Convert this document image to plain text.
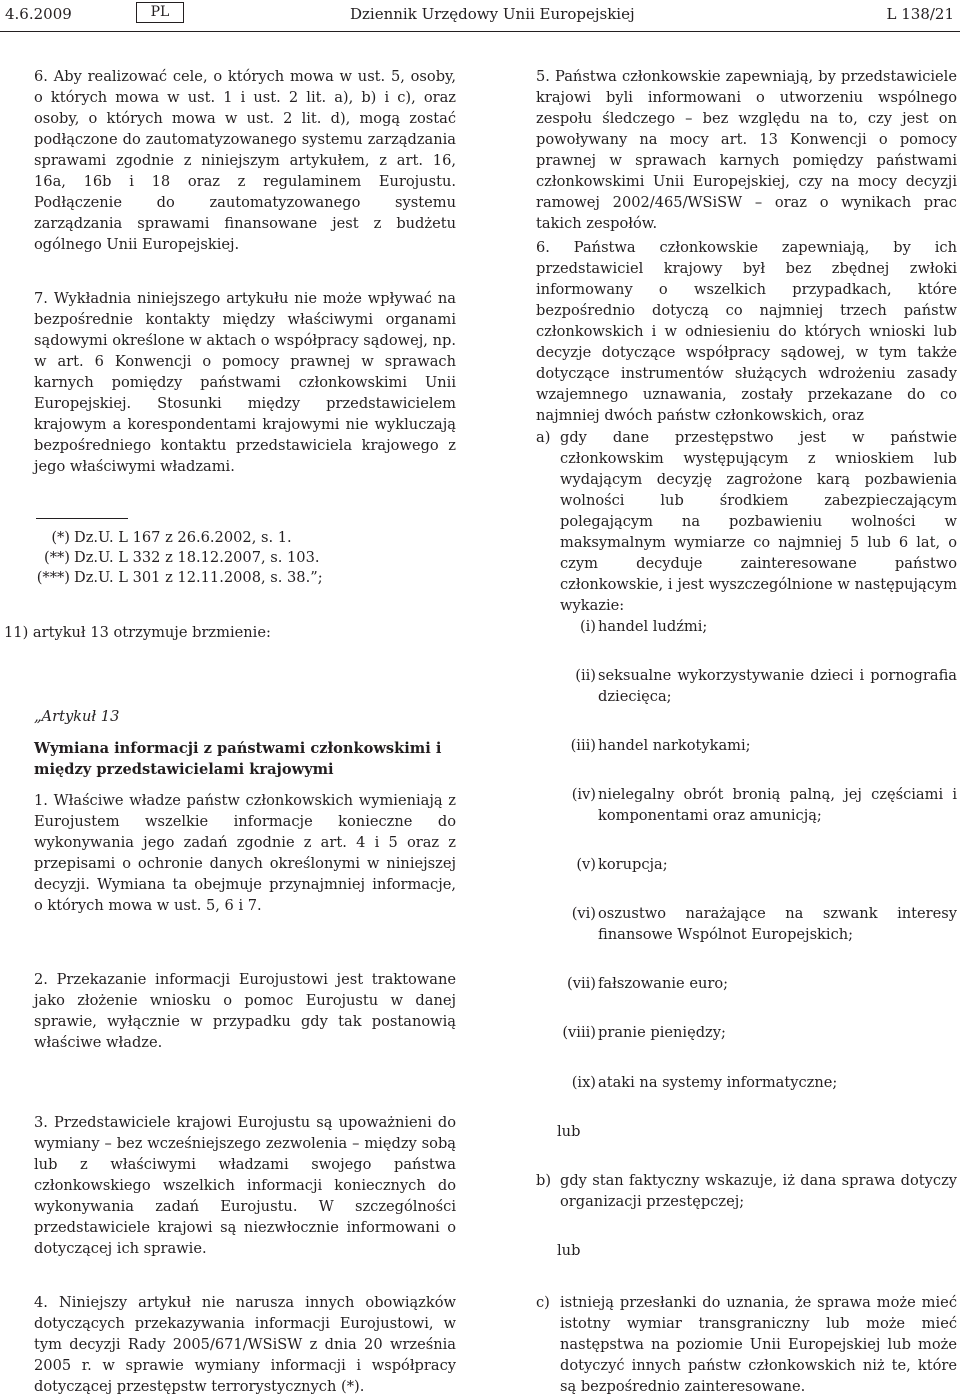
4.6.2009	PL	Dziennik Urzędowy Unii Europejskiej	L 138/21

6. Aby realizować cele, o których mowa w ust. 5, osoby, o których mowa w ust. 1 i ust. 2 lit. a), b) i c), oraz osoby, o których mowa w ust. 2 lit. d), mogą zostać podłączone do zautomatyzowanego systemu zarządzania sprawami zgodnie z niniejszym artykułem, z art. 16, 16a, 16b i 18 oraz z regulaminem Eurojustu. Podłączenie do zautomatyzowanego systemu zarządzania sprawami finansowane jest z budżetu ogólnego Unii Europejskiej.

7. Wykładnia niniejszego artykułu nie może wpływać na bezpośrednie kontakty między właściwymi organami sądowymi określone w aktach o współpracy sądowej, np. w art. 6 Konwencji o pomocy prawnej w sprawach karnych pomiędzy państwami członkowskimi Unii Europejskiej. Stosunki między przedstawicielem krajowym a korespondentami krajowymi nie wykluczają bezpośredniego kontaktu przedstawiciela krajowego z jego właściwymi władzami.

(*) Dz.U. L 167 z 26.6.2002, s. 1.
(**) Dz.U. L 332 z 18.12.2007, s. 103.
(***) Dz.U. L 301 z 12.11.2008, s. 38.”;

11) artykuł 13 otrzymuje brzmienie:

„Artykuł 13

Wymiana informacji z państwami członkowskimi i między przedstawicielami krajowymi

1. Właściwe władze państw członkowskich wymieniają z Eurojustem wszelkie informacje konieczne do wykonywania jego zadań zgodnie z art. 4 i 5 oraz z przepisami o ochronie danych określonymi w niniejszej decyzji. Wymiana ta obejmuje przynajmniej informacje, o których mowa w ust. 5, 6 i 7.

2. Przekazanie informacji Eurojustowi jest traktowane jako złożenie wniosku o pomoc Eurojustu w danej sprawie, wyłącznie w przypadku gdy tak postanowią właściwe władze.

3. Przedstawiciele krajowi Eurojustu są upoważnieni do wymiany – bez wcześniejszego zezwolenia – między sobą lub z właściwymi władzami swojego państwa członkowskiego wszelkich informacji koniecznych do wykonywania zadań Eurojustu. W szczególności przedstawiciele krajowi są niezwłocznie informowani o dotyczącej ich sprawie.

4. Niniejszy artykuł nie narusza innych obowiązków dotyczących przekazywania informacji Eurojustowi, w tym decyzji Rady 2005/671/WSiSW z dnia 20 września 2005 r. w sprawie wymiany informacji i współpracy dotyczącej przestępstw terrorystycznych (*).

5. Państwa członkowskie zapewniają, by przedstawiciele krajowi byli informowani o utworzeniu wspólnego zespołu śledczego – bez względu na to, czy jest on powoływany na mocy art. 13 Konwencji o pomocy prawnej w sprawach karnych pomiędzy państwami członkowskimi Unii Europejskiej, czy na mocy decyzji ramowej 2002/465/WSiSW – oraz o wynikach prac takich zespołów.

6. Państwa członkowskie zapewniają, by ich przedstawiciel krajowy był bez zbędnej zwłoki informowany o wszelkich przypadkach, które bezpośrednio dotyczą co najmniej trzech państw członkowskich i w odniesieniu do których wnioski lub decyzje dotyczące współpracy sądowej, w tym także dotyczące instrumentów służących wdrożeniu zasady wzajemnego uznawania, zostały przekazane do co najmniej dwóch państw członkowskich, oraz

a) gdy dane przestępstwo jest w państwie członkowskim występującym z wnioskiem lub wydającym decyzję zagrożone karą pozbawienia wolności lub środkiem zabezpieczającym polegającym na pozbawieniu wolności w maksymalnym wymiarze co najmniej 5 lub 6 lat, o czym decyduje zainteresowane państwo członkowskie, i jest wyszczególnione w następującym wykazie:
(i) handel ludźmi;
(ii) seksualne wykorzystywanie dzieci i pornografia dziecięca;
(iii) handel narkotykami;
(iv) nielegalny obrót bronią palną, jej częściami i komponentami oraz amunicją;
(v) korupcja;
(vi) oszustwo narażające na szwank interesy finansowe Wspólnot Europejskich;
(vii) fałszowanie euro;
(viii) pranie pieniędzy;
(ix) ataki na systemy informatyczne;

lub

b) gdy stan faktyczny wskazuje, iż dana sprawa dotyczy organizacji przestępczej;

lub

c) istnieją przesłanki do uznania, że sprawa może mieć istotny wymiar transgraniczny lub może mieć następstwa na poziomie Unii Europejskiej lub może dotyczyć innych państw członkowskich niż te, które są bezpośrednio zainteresowane.
